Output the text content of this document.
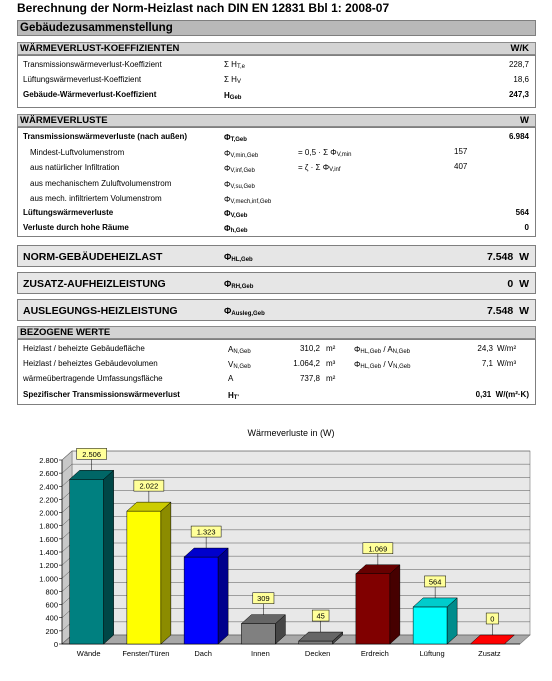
Berechnung der Norm-Heizlast nach DIN EN 12831 Bbl 1: 2008-07
Gebäudezusammenstellung
WÄRMEVERLUST-KOEFFIZIENTEN	W/K
Transmissionswärmeverlust-Koeffizient	Σ HT,e	228,7
Lüftungswärmeverlust-Koeffizient	Σ HV	18,6
Gebäude-Wärmeverlust-Koeffizient	HGeb	247,3
WÄRMEVERLUSTE	W
Transmissionswärmeverluste (nach außen)	ΦT,Geb	6.984
Mindest-Luftvolumenstrom	ΦV,min,Geb	= 0,5 · Σ ΦV,min	157
aus natürlicher Infiltration	ΦV,inf,Geb	= ζ · Σ ΦV,inf	407
aus mechanischem Zuluftvolumenstrom	ΦV,su,Geb
aus mech. infiltriertem Volumenstrom	ΦV,mech,inf,Geb
Lüftungswärmeverluste	ΦV,Geb	564
Verluste durch hohe Räume	Φh,Geb	0
NORM-GEBÄUDEHEIZLAST	ΦHL,Geb	7.548 W
ZUSATZ-AUFHEIZLEISTUNG	ΦRH,Geb	0 W
AUSLEGUNGS-HEIZLEISTUNG	ΦAusleg,Geb	7.548 W
BEZOGENE WERTE
Heizlast / beheizte Gebäudefläche	AN,Geb	310,2 m² ΦHL,Geb / AN,Geb	24,3 W/m²
Heizlast / beheiztes Gebäudevolumen	VN,Geb	1.064,2 m³ ΦHL,Geb / VN,Geb	7,1 W/m³
wärmeübertragende Umfassungsfläche	A	737,8 m²
Spezifischer Transmissionswärmeverlust	HT'	0,31 W/(m²·K)
Wärmeverluste in (W)
0
200
400
600
800
1.000
1.200
1.400
1.600
1.800
2.000
2.200
2.400
2.600
2.800
2.506
Wände
2.022
Fenster/Türen
1.323
Dach
309
Innen
45
Decken
1.069
Erdreich
564
Lüftung
0
Zusatz
